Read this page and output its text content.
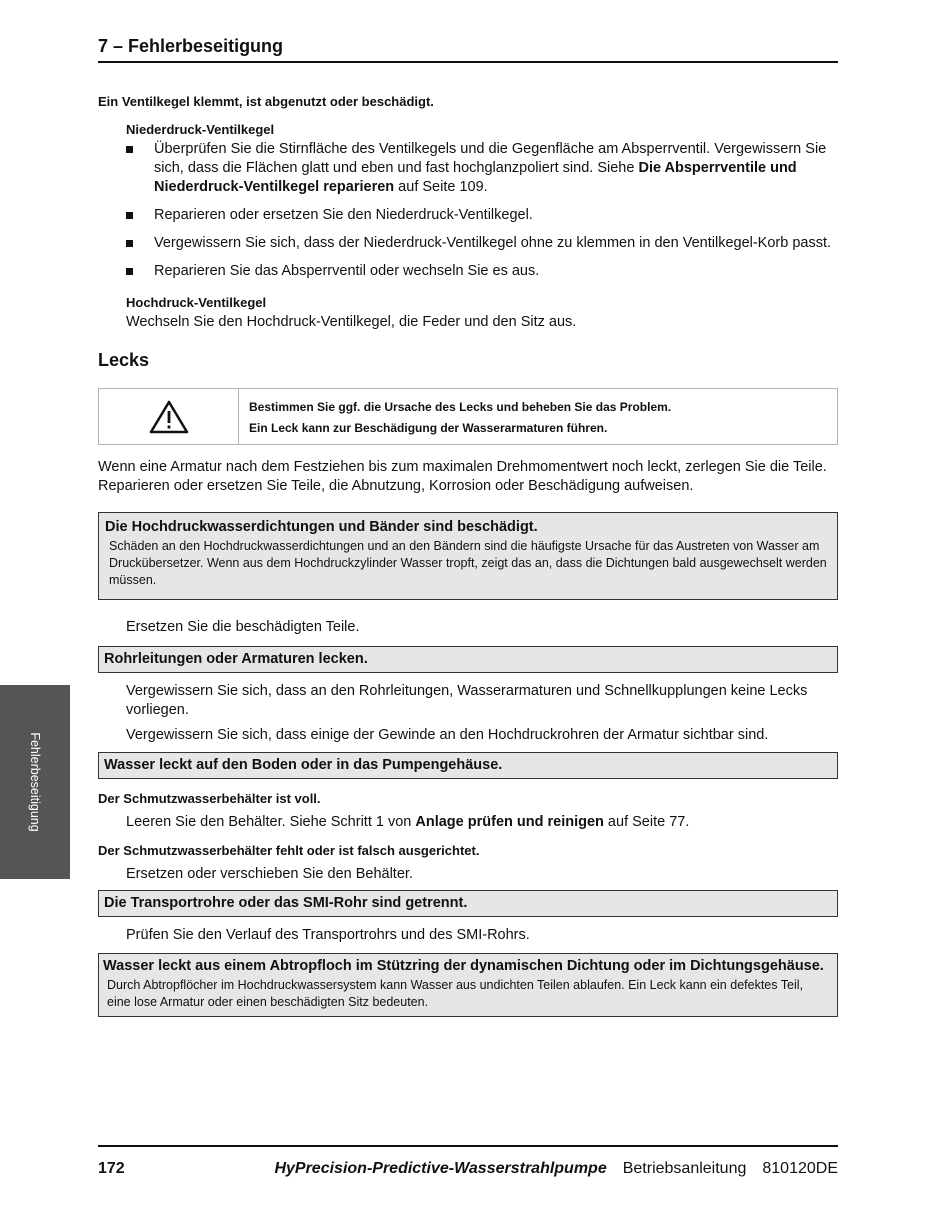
7 – Fehlerbeseitigung
Ein Ventilkegel klemmt, ist abgenutzt oder beschädigt.
Niederdruck-Ventilkegel
Überprüfen Sie die Stirnfläche des Ventilkegels und die Gegenfläche am Absperrventil. Vergewissern Sie sich, dass die Flächen glatt und eben und fast hochglanzpoliert sind. Siehe Die Absperrventile und Niederdruck-Ventilkegel reparieren auf Seite 109.
Reparieren oder ersetzen Sie den Niederdruck-Ventilkegel.
Vergewissern Sie sich, dass der Niederdruck-Ventilkegel ohne zu klemmen in den Ventilkegel-Korb passt.
Reparieren Sie das Absperrventil oder wechseln Sie es aus.
Hochdruck-Ventilkegel

Wechseln Sie den Hochdruck-Ventilkegel, die Feder und den Sitz aus.

Lecks
Bestimmen Sie ggf. die Ursache des Lecks und beheben Sie das Problem.
Ein Leck kann zur Beschädigung der Wasserarmaturen führen.

Wenn eine Armatur nach dem Festziehen bis zum maximalen Drehmomentwert noch leckt, zerlegen Sie die Teile. Reparieren oder ersetzen Sie Teile, die Abnutzung, Korrosion oder Beschädigung aufweisen.

Die Hochdruckwasserdichtungen und Bänder sind beschädigt.
Schäden an den Hochdruckwasserdichtungen und an den Bändern sind die häufigste Ursache für das Austreten von Wasser am Druckübersetzer. Wenn aus dem Hochdruckzylinder Wasser tropft, zeigt das an, dass die Dichtungen bald ausgewechselt werden müssen.

Ersetzen Sie die beschädigten Teile.

Rohrleitungen oder Armaturen lecken.

Vergewissern Sie sich, dass an den Rohrleitungen, Wasserarmaturen und Schnellkupplungen keine Lecks vorliegen.

Vergewissern Sie sich, dass einige der Gewinde an den Hochdruckrohren der Armatur sichtbar sind.

Wasser leckt auf den Boden oder in das Pumpengehäuse.
Der Schmutzwasserbehälter ist voll.

Leeren Sie den Behälter. Siehe Schritt 1 von Anlage prüfen und reinigen auf Seite 77.

Der Schmutzwasserbehälter fehlt oder ist falsch ausgerichtet.

Ersetzen oder verschieben Sie den Behälter.

Die Transportrohre oder das SMI-Rohr sind getrennt.

Prüfen Sie den Verlauf des Transportrohrs und des SMI-Rohrs.

Wasser leckt aus einem Abtropfloch im Stützring der dynamischen Dichtung oder im Dichtungsgehäuse.
Durch Abtropflöcher im Hochdruckwassersystem kann Wasser aus undichten Teilen ablaufen. Ein Leck kann ein defektes Teil, eine lose Armatur oder einen beschädigten Sitz bedeuten.
Fehlerbeseitigung
172	HyPrecision-Predictive-Wasserstrahlpumpe Betriebsanleitung 810120DE
